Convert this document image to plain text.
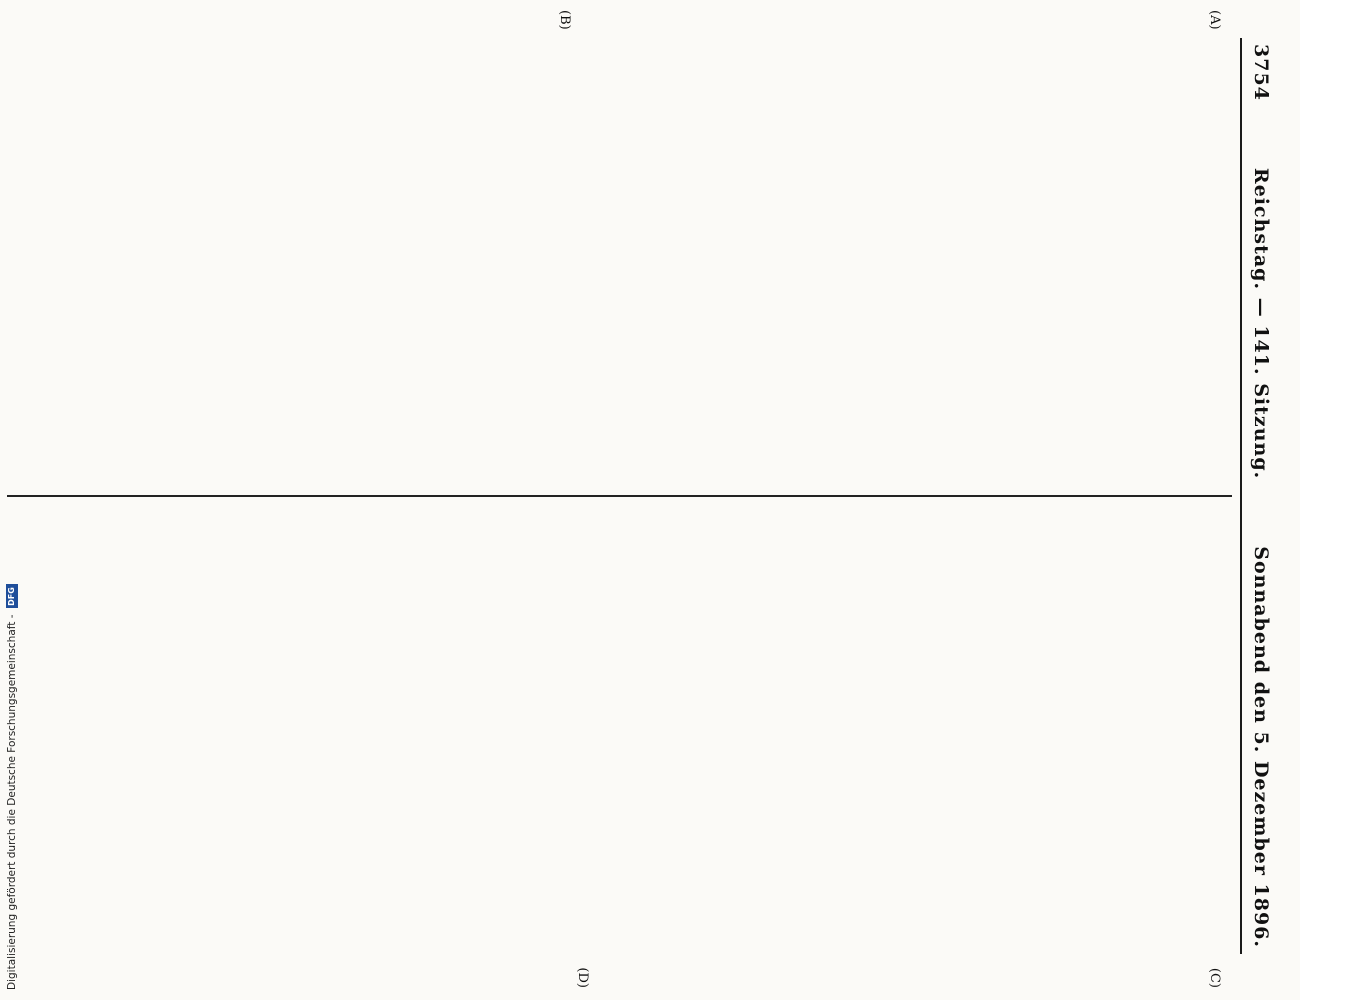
3754
Reichstag. — 141. Sitzung.
Sonnabend den 5. Dezember 1896.
(A)
(B)

(C)
(D)

Digitalisierung gefördert durch die Deutsche Forschungsgemeinschaft -
DFG
